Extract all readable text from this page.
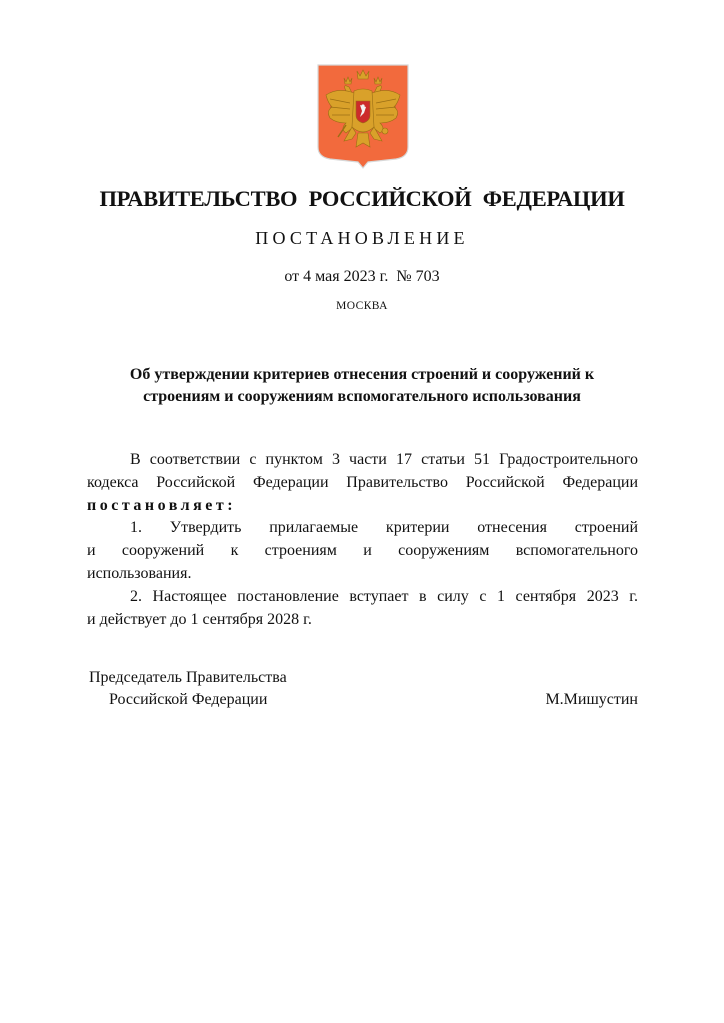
ПРАВИТЕЛЬСТВО РОССИЙСКОЙ ФЕДЕРАЦИИ
ПОСТАНОВЛЕНИЕ
от 4 мая 2023 г.  № 703
МОСКВА
Об утверждении критериев отнесения строений и сооружений к
строениям и сооружениям вспомогательного использования
В соответствии с пунктом 3 части 17 статьи 51 Градостроительного
кодекса Российской Федерации Правительство Российской Федерации
постановляет:
1. Утвердить прилагаемые критерии отнесения строений
и сооружений к строениям и сооружениям вспомогательного
использования.
2. Настоящее постановление вступает в силу с 1 сентября 2023 г.
и действует до 1 сентября 2028 г.
Председатель Правительства
Российской Федерации	М.Мишустин
